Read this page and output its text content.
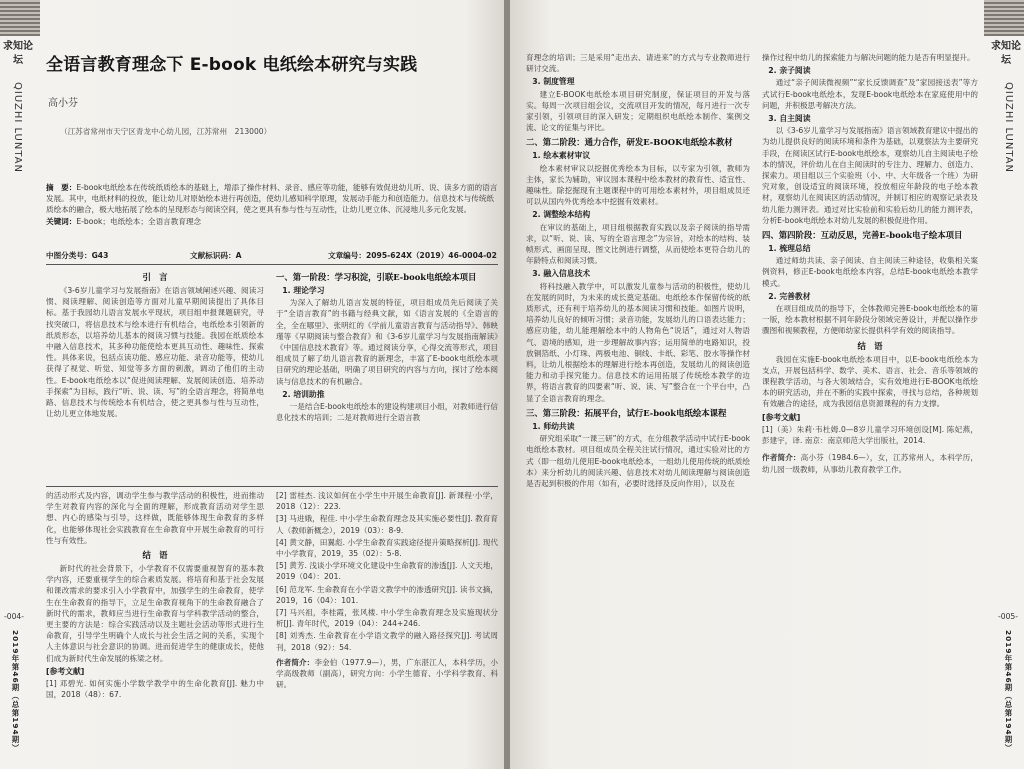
求知论坛
QIUZHI LUNTAN
-004-
2019年第46期（总第194期）
全语言教育理念下 E-book 电纸绘本研究与实践
高小芬
（江苏省常州市天宁区青龙中心幼儿园，江苏常州　213000）
摘　要：E-book电纸绘本在传统纸质绘本的基础上，增添了操作材料、录音、感应等功能，能够有效促进幼儿听、说、读多方面的语言发展。其中，电纸材料的投放，能让幼儿对原始绘本进行再创造，使幼儿感知科学原理，发展动手能力和创造能力。信息技术与传统纸质绘本的融合，极大地拓展了绘本的呈现形态与阅读空间，使之更具有参与性与互动性，让幼儿更立体、沉浸地儿多元化发展。
关键词：E-book；电纸绘本；全语言教育理念
中图分类号：G43	文献标识码：A	文章编号：2095-624X（2019）46-0004-02
引　言

《3-6岁儿童学习与发展指南》在语言领域阐述兴趣、阅读习惯、阅读理解、阅读创造等方面对儿童早期阅读提出了具体目标。基于我园幼儿语言发展水平现状，项目组申报课题研究，寻找突破口，将信息技术与绘本进行有机结合，电纸绘本引领新的纸质形态，以培养幼儿基本的阅读习惯与技能。我园在纸质绘本中融入信息技术，其多种功能使绘本更具互动性、趣味性、探索性。具体来说，包括点读功能、感应功能、录音功能等，使幼儿获得了视觉、听觉、知觉等多方面的刺激，调动了他们的主动性。E-book电纸绘本以“促进阅读理解、发展阅读创造、培养动手探索”为目标，践行“听、说、读、写”的全语言理念，将简单电路、信息技术与传统绘本有机结合，使之更具参与性与互动性，让幼儿更立体地发展。

一、第一阶段：学习积淀，引联E-book电纸绘本项目
1. 理论学习

为深入了解幼儿语言发展的特征，项目组成员先后阅读了关于“全语言教育”的书籍与经典文献，如《语言发展的《全语言的全，全在哪里》、张明红的《学前儿童语言教育与活动指导》、韩映瑾等《早期阅读与整合教育》和《3-6岁儿童学习与发展指南解读》《中国信息技术教育》等。通过阅读分享，心得交流等形式，项目组成员了解了幼儿语言教育的新理念，丰富了E-book电纸绘本项目研究的理论基础，明确了项目研究的内容与方向，探讨了绘本阅读与信息技术的有机融合。

2. 培训助推

一是结合E-book电纸绘本的建设构建项目小组，对教师进行信息化技术的培训；二是对教师进行全语言教

的活动形式及内容，调动学生参与教学活动的积极性，进而推动学生对教育内容的深化与全面的理解，形成教育活动对学生思想、内心的感染与引导，这样做，既能够体现生命教育的多样化，也能够体现社会实践教育在生命教育中开展生命教育的可行性与有效性。

结　语

新时代的社会背景下，小学教育不仅需要重视智育的基本教学内容，还要重视学生的综合素质发展。将培育和基于社会发展和课改需求的要求引入小学教育中，加强学生的生命教育，使学生在生命教育的指导下，立足生命教育视角下的生命教育融合了新时代的需求，教师应当进行生命教育与学科教学活动的整合，更主要的方法是：综合实践活动以及主题社会活动等形式进行生命教育，引导学生明确个人成长与社会生活之间的关系，实现个人主体意识与社会意识的协调。进而促进学生的健康成长，使他们成为新时代生命发展的栋梁之材。

[参考文献]

[1] 邓碧光. 如何实施小学数学教学中的生命化教育[J]. 魅力中国，2018（48）：67.

[2] 雷桂杰. 浅议如何在小学生中开展生命教育[J]. 新课程·小学，2018（12）：223.

[3] 马进娥，程佳. 中小学生命教育理念及其实施必要性[J]. 教育育人（教师新概念），2019（03）：8-9.

[4] 黄文静，田翼彪. 小学生命教育实践途径提升策略探析[J]. 现代中小学教育，2019，35（02）：5-8.

[5] 黄芳. 浅谈小学环境文化建设中生命教育的渗透[J]. 人文天地，2019（04）：201.

[6] 范龙军. 生命教育在小学语文教学中的渗透研究[J]. 读书文摘，2019，16（04）：101.

[7] 马兴祖，李桂霞，张风楼. 中小学生命教育理念及实施现状分析[J]. 青年时代，2019（04）：244+246.

[8] 刘秀杰. 生命教育在小学语文教学的融入路径探究[J]. 考试周刊，2018（92）：54.

作者简介：李金伯（1977.9—），男，广东湛江人，本科学历，小学高级教师（副高），研究方向：小学生德育、小学科学教育、科研。

求知论坛
QIUZHI LUNTAN
-005-
2019年第46期（总第194期）

育理念的培训；三是采用“走出去、请进来”的方式与专业教师进行研讨交流。

3. 制度管理

建立E-BOOK电纸绘本项目研究制度，保证项目的开发与落实。每周一次项目组会议，交流项目开发的情况，每月进行一次专家引领，引领项目的深入研发；定期组织电纸绘本制作、案例交流、论文的征集与评比。

二、第二阶段：通力合作，研发E-BOOK电纸绘本教材
1. 绘本素材审议

绘本素材审议以挖掘优秀绘本为目标，以专家为引领，教师为主体，家长为辅助，审议园本课程中绘本教材的教育性、适宜性、趣味性。除挖掘现有主题课程中的可用绘本素材外，项目组成员还可以从国内外优秀绘本中挖掘有效素材。

2. 调整绘本结构

在审议的基础上，项目组根据教育实践以及亲子阅读的指导需求，以“听、说、读、写的全语言理念”为宗旨，对绘本的结构、装帧形式、画面呈现、图文比例进行调整，从而使绘本更符合幼儿的年龄特点和阅读习惯。

3. 融入信息技术

将科技融入教学中，可以激发儿童参与活动的积极性，使幼儿在发展的同时，为未来的成长奠定基础。电纸绘本作保留传统的纸质形式，还有利于培养幼儿的基本阅读习惯和技能。如图片说明，培养幼儿良好的倾听习惯；录音功能，发展幼儿的口语表达能力；感应功能，幼儿能理解绘本中的人物角色“说话”，通过对人物语气、语境的感知，进一步理解故事内容；运用简单的电路知识，投放铜箔纸、小灯珠、两极电池、铜线、卡纸、彩笔、胶水等操作材料，让幼儿根据绘本的理解进行绘本再创造，发展幼儿的阅读创造能力和动手探究能力。信息技术的运用拓展了传统绘本教学的边界，将语言教育的四要素“听、说、读、写”整合在一个平台中，凸显了全语言教育的理念。

三、第三阶段：拓展平台，试行E-book电纸绘本课程
1. 师幼共读

研究组采取“一课三研”的方式，在分组教学活动中试行E-book电纸绘本教材。项目组成员全程关注试行情况，通过实验对比的方式（即一组幼儿使用E-book电纸绘本，一组幼儿使用传统的纸质绘本）来分析幼儿的阅读兴趣、信息技术对幼儿阅读理解与阅读创造是否起到积极的作用（如有，必要时选择及反向作用），以及在

操作过程中幼儿的探索能力与解决问题的能力是否有明显提升。

2. 亲子阅读

通过“亲子阅读微视频”“家长反馈调查”及“家园接送表”等方式试行E-book电纸绘本，发现E-book电纸绘本在家庭使用中的问题，并积极思考解决方法。

3. 自主阅读

以《3-6岁儿童学习与发展指南》语言领域教育建议中提出的为幼儿提供良好的阅读环境和条件为基础，以观察法为主要研究手段，在阅读区试行E-book电纸绘本，观察幼儿自主阅读电子绘本的情况，评价幼儿在自主阅读时的专注力、理解力、创造力、探索力。项目组以三个实验班（小、中、大年级各一个班）为研究对象，创设适宜的阅读环境，投放相应年龄段的电子绘本教材，观察幼儿在阅读区的活动情况，并制订相应的观察记录表及幼儿能力测评表。通过对比实验前和实验后幼儿的能力测评表，分析E-book电纸绘本对幼儿发展的积极促进作用。

四、第四阶段：互动反思，完善E-book电子绘本项目
1. 梳理总结

通过师幼共读、亲子阅读、自主阅读三种途径，收集相关案例资料，修正E-book电纸绘本内容，总结E-book电纸绘本教学模式。

2. 完善教材

在项目组成员的指导下，全体教师完善E-book电纸绘本的第一版，绘本教材根据不同年龄段分领域完善设计，并配以操作步骤图和视频教程，方便师幼家长提供科学有效的阅读指导。

结　语

我园在实施E-book电纸绘本项目中，以E-book电纸绘本为支点，开展包括科学、数学、美术、语言、社会、音乐等领域的课程教学活动，与各大领域结合，实有效地进行E-BOOK电纸绘本的研究活动，并在不断的实践中探索，寻找与总结，各种规划有效融合的途径，成为我园信息资源课程的有力支撑。

[参考文献]

[1]（美）朱莉·韦杜姆.0—8岁儿童学习环境创设[M]. 陈妃燕，彭建宇，译. 南京：南京师范大学出版社，2014.

作者简介：高小芬（1984.6—），女，江苏常州人，本科学历，幼儿园一级教师，从事幼儿教育教学工作。
